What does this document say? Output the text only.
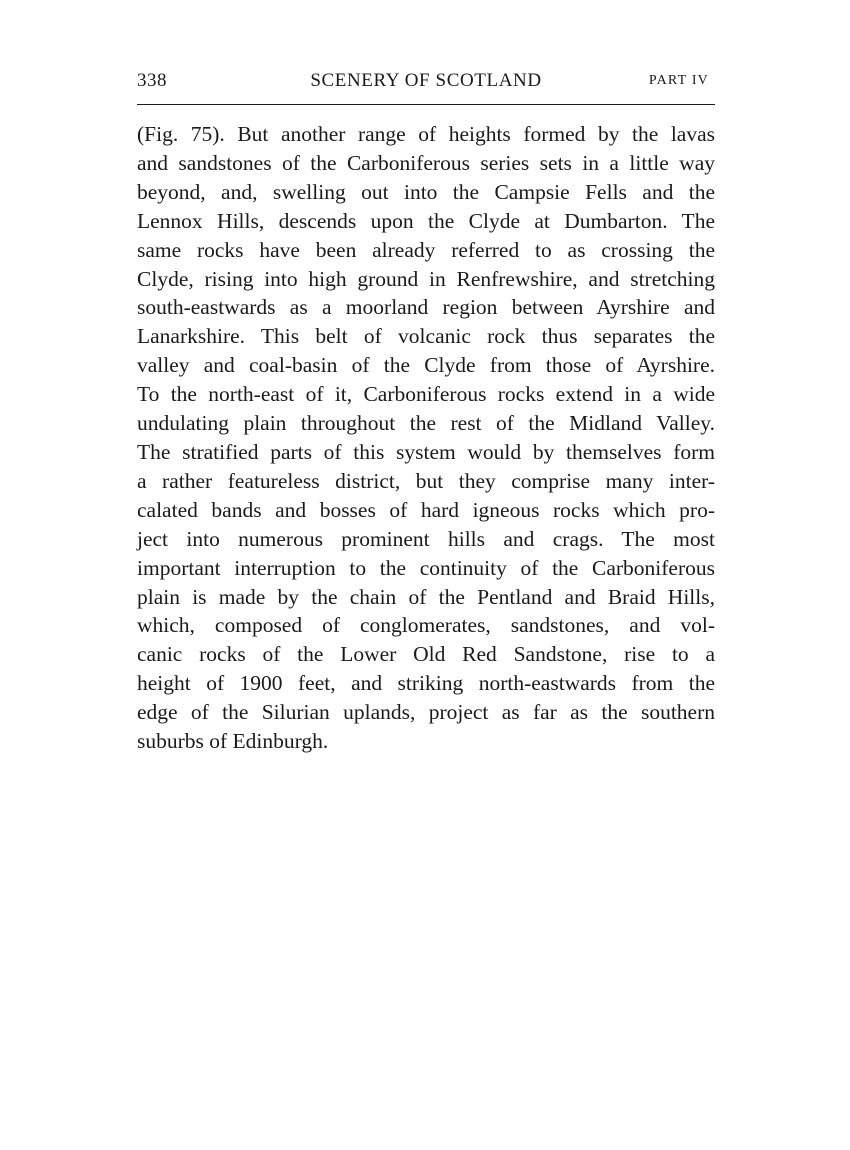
338	SCENERY OF SCOTLAND	PART IV

(Fig. 75). But another range of heights formed by the lavas
and sandstones of the Carboniferous series sets in a little way
beyond, and, swelling out into the Campsie Fells and the
Lennox Hills, descends upon the Clyde at Dumbarton. The
same rocks have been already referred to as crossing the
Clyde, rising into high ground in Renfrewshire, and stretching
south-eastwards as a moorland region between Ayrshire and
Lanarkshire. This belt of volcanic rock thus separates the
valley and coal-basin of the Clyde from those of Ayrshire.
To the north-east of it, Carboniferous rocks extend in a wide
undulating plain throughout the rest of the Midland Valley.
The stratified parts of this system would by themselves form
a rather featureless district, but they comprise many inter-
calated bands and bosses of hard igneous rocks which pro-
ject into numerous prominent hills and crags. The most
important interruption to the continuity of the Carboniferous
plain is made by the chain of the Pentland and Braid Hills,
which, composed of conglomerates, sandstones, and vol-
canic rocks of the Lower Old Red Sandstone, rise to a
height of 1900 feet, and striking north-eastwards from the
edge of the Silurian uplands, project as far as the southern
suburbs of Edinburgh.
